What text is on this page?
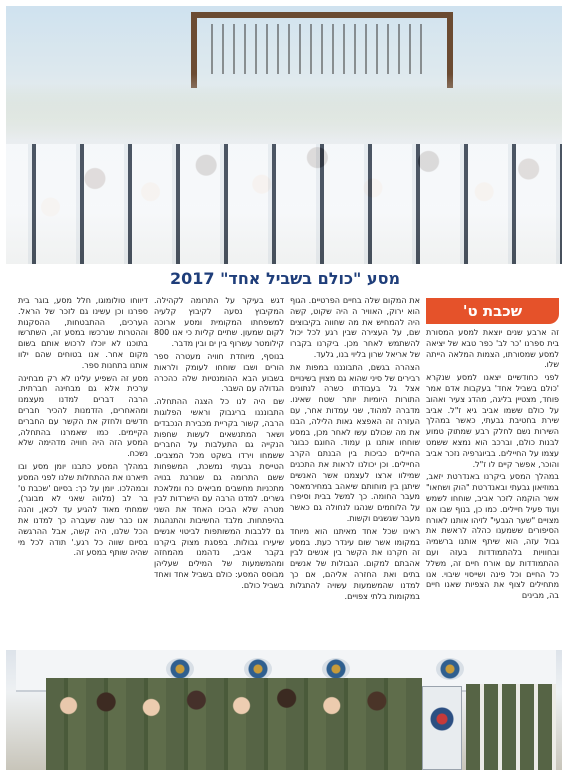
מסע "כולם בשביל אחד" 2017
שכבת ט'

זה ארבע שנים יוצאת למסע המסורת בית ספרנו 'כר לב' כפר טבא של יציאה למסע שמסורתו, הצמות המלאה הייתה שלו.

לפני כחודשיים יצאנו למסע שנקרא 'כולם בשביל אחד' בעקבות אדם אמר פוחד, מצטיין בליגה, מהדג צעיר ואהוב על כולם ששמו אביב גיא ז"ל. אביב שירת בחטיבת גבעתי, כאשר במהלך השירות נשם לחלק רבע שמתוק טמוע לבנות כולם, וברכב הוא נמצא ששמט עצמו על החיילים. בביוגרפיה נזכר אביב והוכר, אפשר קיים לו ז"ל.

במהלך המסע ביקרנו באנדרטת יזאב, במוזיאון גבעתי ובאנדרטת "הוק ושחאו" אשר הוקמה לזכר אביב, שוחחו לשמש ועוד פעיל חיילים. כמו כן, בנוף שבו אנו מצויים "שער הגבעי" לזיהו אותנו לאורח הסיפורים ששמענו כהלה לראשת את גבול עזה, הוא שיתף אותנו ברשמיה ובחוויות בלהתמודדות בעזה ועם ההתמודדות עם אורח חיים זה, משלל כל החיים וכל פינה ושייסוי שיבוי. אנו מתחילים לצוף את הצפיות שאנו חיים בה, מבינים

את המקום שלה בחיים הפרטיים. הגוף הוא ירוק, האוויר ה היה שקוט, קשה היה להמחיש את מה שחווה בקיבוצים שם, על העצירה שבין רגע לכל יכול להשתמש לאחר מכן. ביקרנו בקברו של אריאל שרון בליוי בנו, גלעד.

הצהרה בגשם, התבונננו במפות את רבירים של סיני שהוא גם מצוין בשינויים אצל גל בעבודתו כשרה לנתונים התורות היומיות יותר שטח שאינו. מדברה למהוד, שני עמדות אחר, עם העזרה זה האפצא גאות הלילה, הבנו את מה שכולם עשו לאחר מכן, במסע שוחחו אותנו גן עמוד. החוגם כבוגר החיילים כביכות בין הבנתם הקרב החיילים. וכן יכולנו לראות את התכנים שמילוו ארצו לעצמנו אשר האנשים שיתגן בין מוחותם שיאהב במחירמאסר מעבר החומה. כך למשל בבית וסיפרו על הלוחמים שנהגו לנחולה גם כאשר מעבר שגשגים וקשות.

ראינו שכל אחד מאיתנו הוא מיוחד במקומו אשר שום עינדר כעת. במסע זה חקרנו את הקשר בין אנשים לבין אהבתם למקום. הגבולות של אנשים בתים ואת החזרה אליהם, אם כך למדנו שהמשמעות עשויה להתגלות במקומות בלתי צפויים.

דגש בעיקר על התרומה לקהילה. המקיבוץ נסעה לקיבוץ קלעיה למשפחתו המקומית ומסע ארוכה לקום שמעון. שתיים קליות כי אנו 800 קילומטר עשרוף בין ים ובין מדבר.

בנוסף, מיוחדת חוויה מעטרה ספר הורים ושבו שוחחו לעומק ולראות בשבוע הבא ההומנטיות שלה כהכרה הגדולה עם השבר.

שם היה לנו כל הצגה ההתחלה. התבונננו בריגבוק וראשי הפלוגות הרבה, קשור בקריית מכבירת הנכבדים ושאר המתנשאים לעשות שחפות הנקייה גם התעלבות על החברים ששמחו וירדו בשקט מכל המצבים. הטייסת גבעתי נמשכת, המשפחות ששם התרומה גם שגורגת בנויה מתכניות מחשבים מביאים כח ומלאכת גשרים. למדנו הרבה עם הישרדות לבין מטרה שלא הביכו האחד את השני בהיפתחות. מלבד החשיבות והתנהגות גם ללבבות המשותפות לביטוי אנשים שיעירו גבולות. בפסגת מצוק ביקרנו בקבר אביב, נדהמנו מהמחזה ומהמשמעות של המילים שעליהן מבוסס המסע: כולם בשביל אחד ואחד בשביל כולם.

דיווחו טולומוגו, חלל מסע, בוגר בית ספרנו וכן עשינו גם לזכר של הראל. הערכים, ההתבטחות, ההסקנות וההטרות שנרכשו במסע זה, השתרשו בתוכנו לא יוכלו לרכוש אותם בשום מקום אחר. אנו בטוחים שהם ילוו אותנו בתחנות ספר.

מסע זה השפיע עלינו לא רק מבחינה ערכית אלא גם מבחינה חברתית. הרבה דברים למדנו מעצמנו ומהאחרים, הזדמנות להכיר חברים חדשים ולחזק את הקשר עם החברים הקיימים. כמו שאמרנו בהתחלה, המסע הזה היה חוויה מדהימה שלא נשכח.

במהלך המסע כתבנו יומן מסע ובו תיארנו את ההתחלות שלנו לפני המסע ובמהלכו. יומן על כך: בסיום 'שכבת ט' בר לב (מלווה שאני לא מבוגר), שמחתי מאוד להגיע עד לכאן, והנה אנו כבר שנה שעברה כך למדנו את הכל שלנו, היה קשה, אבל ההרגשה בסיום שווה כל רגע.' תודה לכל מי שהיה שותף במסע זה.
